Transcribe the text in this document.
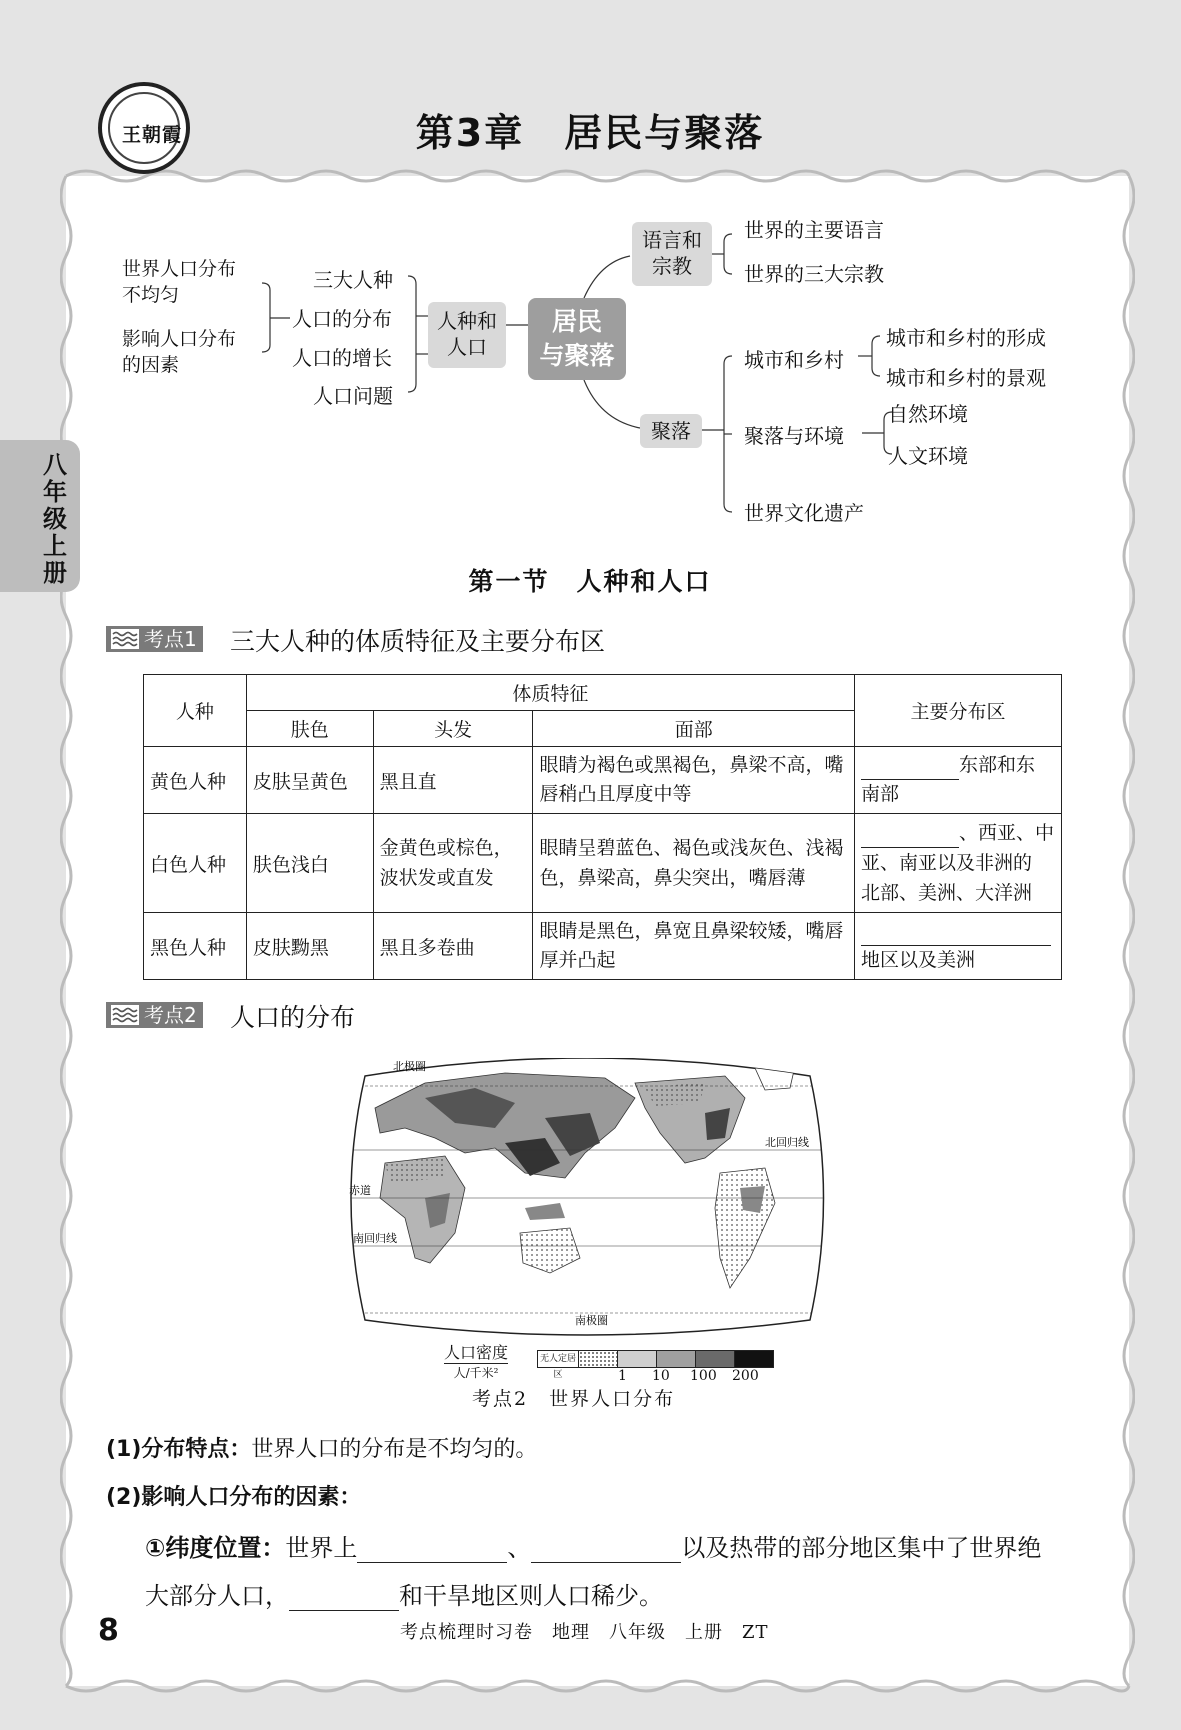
王朝霞	第3章　居民与聚落
八
年
级
上
册
世界人口分布
不均匀
影响人口分布
的因素
三大人种
人口的分布
人口的增长
人口问题
人种和
人口
居民
与聚落
语言和
宗教
世界的主要语言
世界的三大宗教
聚落
城市和乡村
聚落与环境
世界文化遗产
城市和乡村的形成
城市和乡村的景观
自然环境
人文环境
第一节　人种和人口
考点1 三大人种的体质特征及主要分布区
人种	体质特征			主要分布区
	肤色	头发	面部	
黄色人种	皮肤呈黄色	黑且直	眼睛为褐色或黑褐色，鼻梁不高，嘴唇稍凸且厚度中等	东部和东
南部
白色人种	肤色浅白	金黄色或棕色，波状发或直发	眼睛呈碧蓝色、褐色或浅灰色、浅褐色，鼻梁高，鼻尖突出，嘴唇薄	、西亚、中
亚、南亚以及非洲的
北部、美洲、大洋洲
黑色人种	皮肤黝黑	黑且多卷曲	眼睛是黑色，鼻宽且鼻梁较矮，嘴唇厚并凸起	地区以及美洲
考点2 人口的分布
北极圈
北回归线
赤道
南回归线
南极圈
人口密度
人/千米²
无人定居区	1 10 100 200
考点2　世界人口分布
(1)分布特点：世界人口的分布是不均匀的。
(2)影响人口分布的因素：
①纬度位置：世界上	、	以及热带的部分地区集中了世界绝
大部分人口，	和干旱地区则人口稀少。
8	考点梳理时习卷　地理　八年级　上册　ZT
